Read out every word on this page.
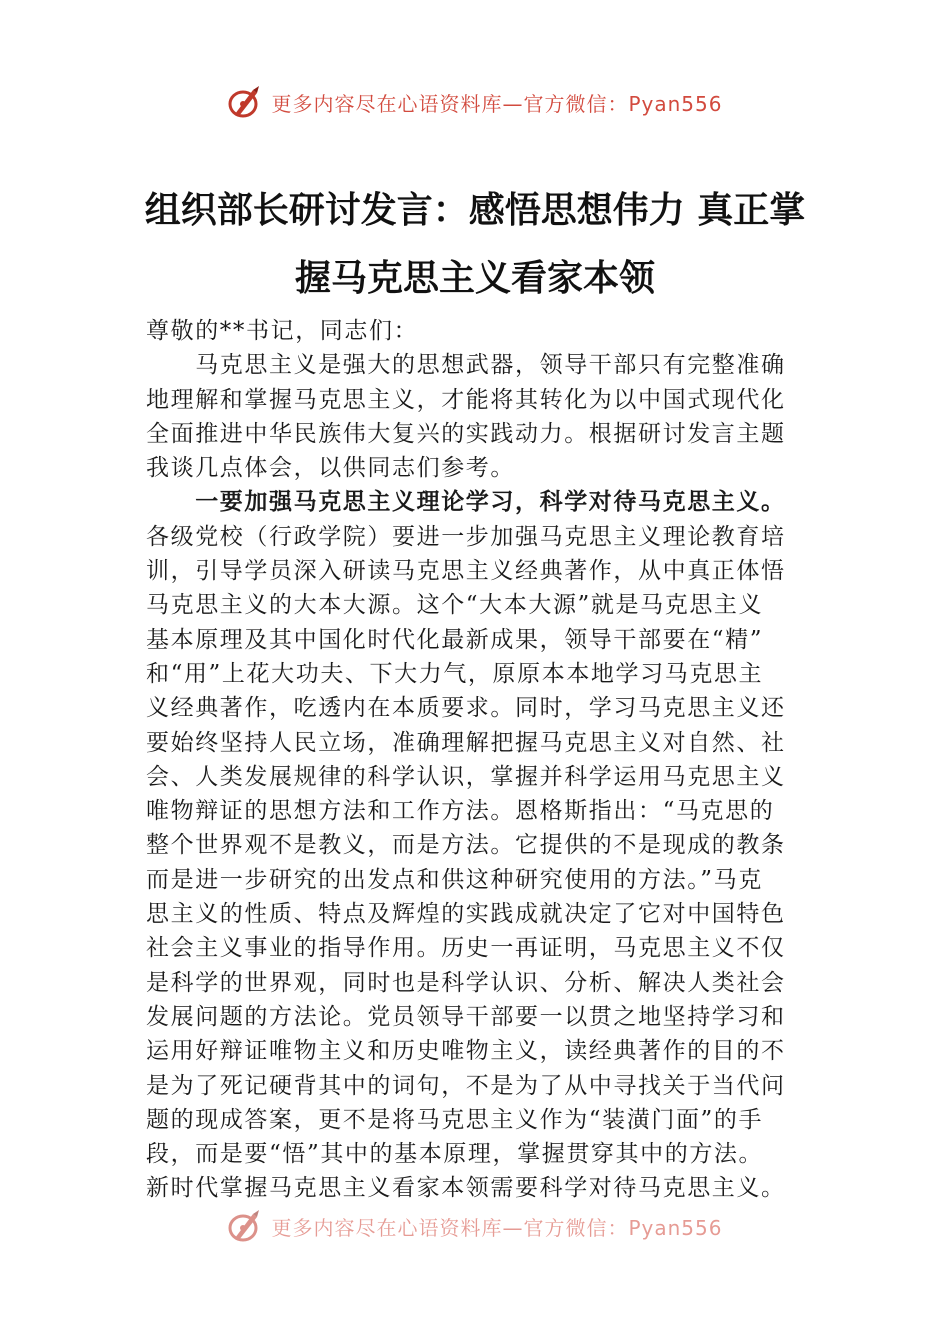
更多内容尽在心语资料库—官方微信：Pyan556
组织部长研讨发言：感悟思想伟力 真正掌
握马克思主义看家本领
尊敬的**书记，同志们：
　　马克思主义是强大的思想武器，领导干部只有完整准确
地理解和掌握马克思主义，才能将其转化为以中国式现代化
全面推进中华民族伟大复兴的实践动力。根据研讨发言主题
我谈几点体会，以供同志们参考。
　　一要加强马克思主义理论学习，科学对待马克思主义。
各级党校（行政学院）要进一步加强马克思主义理论教育培
训，引导学员深入研读马克思主义经典著作，从中真正体悟
马克思主义的大本大源。这个“大本大源”就是马克思主义
基本原理及其中国化时代化最新成果，领导干部要在“精”
和“用”上花大功夫、下大力气，原原本本地学习马克思主
义经典著作，吃透内在本质要求。同时，学习马克思主义还
要始终坚持人民立场，准确理解把握马克思主义对自然、社
会、人类发展规律的科学认识，掌握并科学运用马克思主义
唯物辩证的思想方法和工作方法。恩格斯指出：“马克思的
整个世界观不是教义，而是方法。它提供的不是现成的教条
而是进一步研究的出发点和供这种研究使用的方法。”马克
思主义的性质、特点及辉煌的实践成就决定了它对中国特色
社会主义事业的指导作用。历史一再证明，马克思主义不仅
是科学的世界观，同时也是科学认识、分析、解决人类社会
发展问题的方法论。党员领导干部要一以贯之地坚持学习和
运用好辩证唯物主义和历史唯物主义，读经典著作的目的不
是为了死记硬背其中的词句，不是为了从中寻找关于当代问
题的现成答案，更不是将马克思主义作为“装潢门面”的手
段，而是要“悟”其中的基本原理，掌握贯穿其中的方法。
新时代掌握马克思主义看家本领需要科学对待马克思主义。
更多内容尽在心语资料库—官方微信：Pyan556
